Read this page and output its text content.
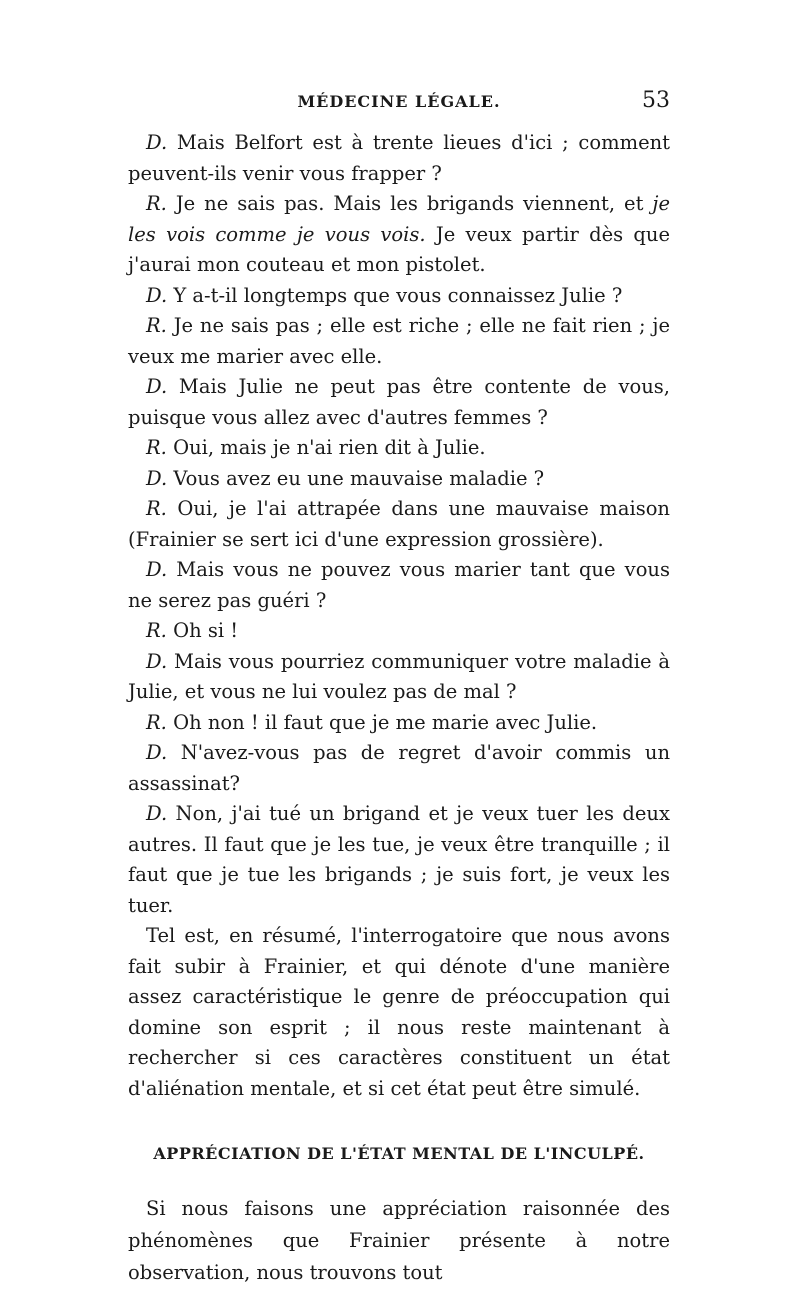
MÉDECINE LÉGALE.	53

D. Mais Belfort est à trente lieues d'ici ; comment peuvent-ils venir vous frapper ?

R. Je ne sais pas. Mais les brigands viennent, et je les vois comme je vous vois. Je veux partir dès que j'aurai mon couteau et mon pistolet.

D. Y a-t-il longtemps que vous connaissez Julie ?

R. Je ne sais pas ; elle est riche ; elle ne fait rien ; je veux me marier avec elle.

D. Mais Julie ne peut pas être contente de vous, puisque vous allez avec d'autres femmes ?

R. Oui, mais je n'ai rien dit à Julie.

D. Vous avez eu une mauvaise maladie ?

R. Oui, je l'ai attrapée dans une mauvaise maison (Frainier se sert ici d'une expression grossière).

D. Mais vous ne pouvez vous marier tant que vous ne serez pas guéri ?

R. Oh si !

D. Mais vous pourriez communiquer votre maladie à Julie, et vous ne lui voulez pas de mal ?

R. Oh non ! il faut que je me marie avec Julie.

D. N'avez-vous pas de regret d'avoir commis un assassinat?

D. Non, j'ai tué un brigand et je veux tuer les deux autres. Il faut que je les tue, je veux être tranquille ; il faut que je tue les brigands ; je suis fort, je veux les tuer.

Tel est, en résumé, l'interrogatoire que nous avons fait subir à Frainier, et qui dénote d'une manière assez caractéristique le genre de préoccupation qui domine son esprit ; il nous reste maintenant à rechercher si ces caractères constituent un état d'aliénation mentale, et si cet état peut être simulé.

APPRÉCIATION DE L'ÉTAT MENTAL DE L'INCULPÉ.

Si nous faisons une appréciation raisonnée des phénomènes que Frainier présente à notre observation, nous trouvons tout
